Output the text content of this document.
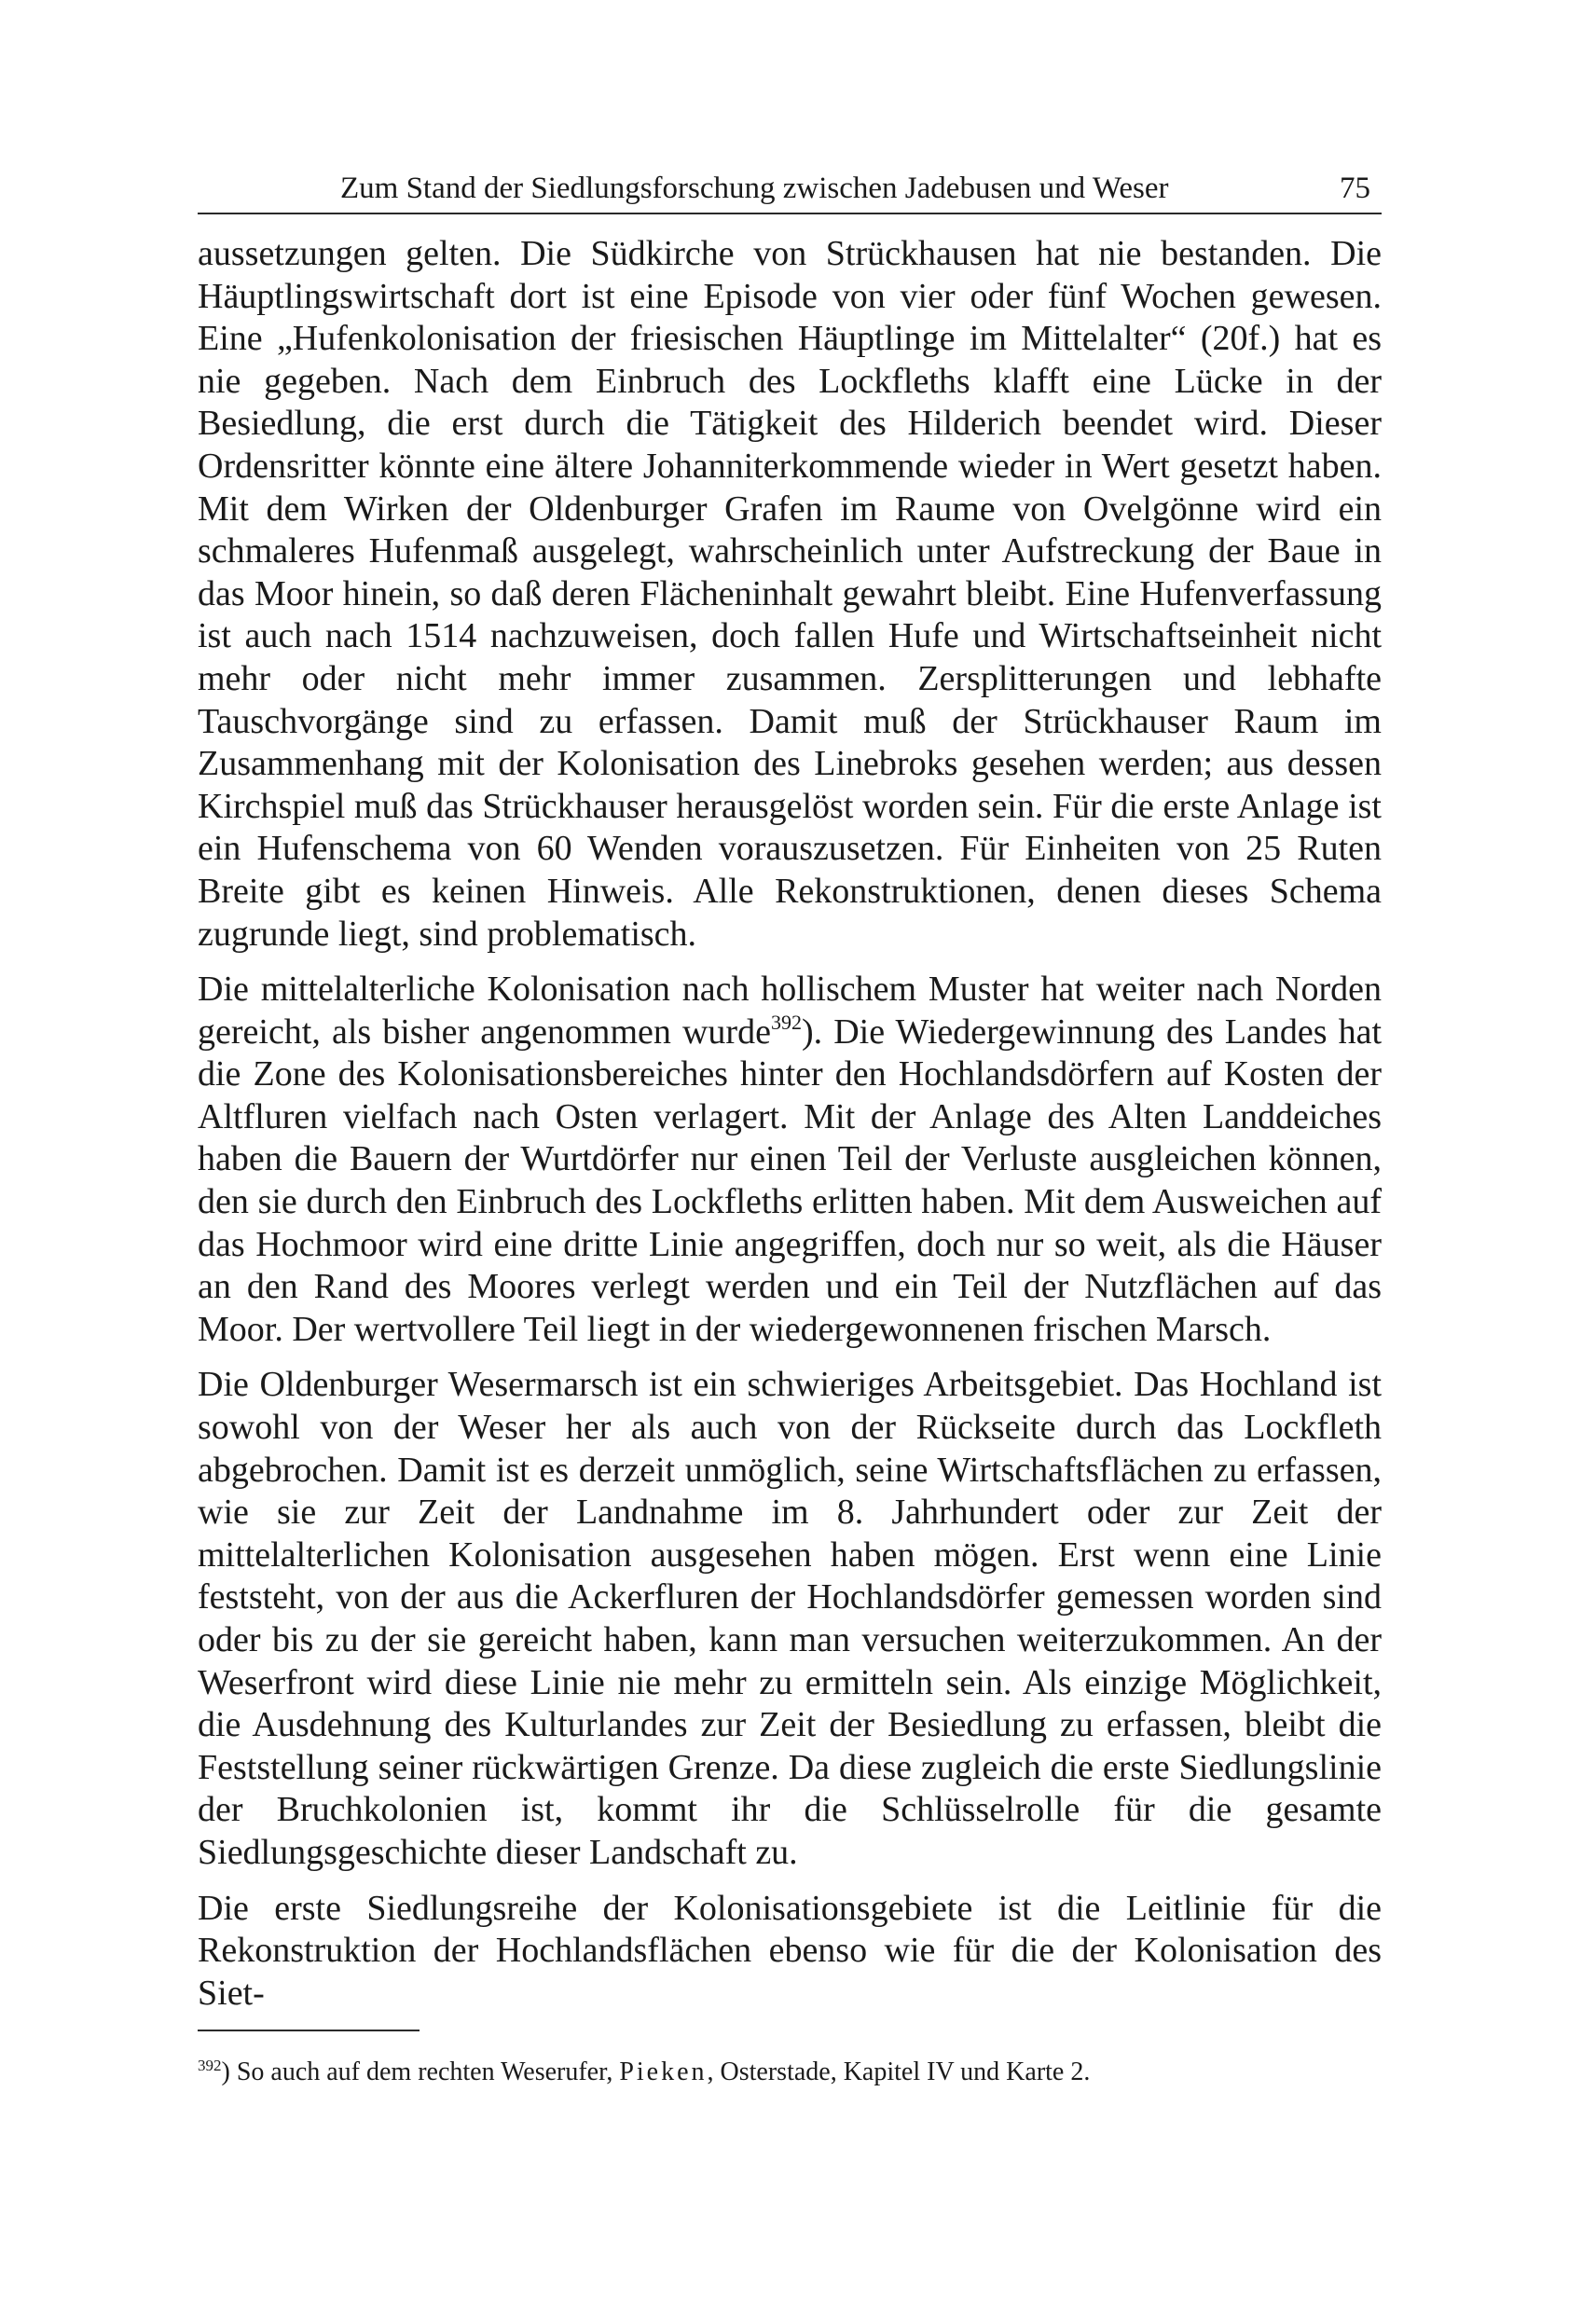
Zum Stand der Siedlungsforschung zwischen Jadebusen und Weser	75

aussetzungen gelten. Die Südkirche von Strückhausen hat nie bestanden. Die Häuptlingswirtschaft dort ist eine Episode von vier oder fünf Wochen gewesen. Eine „Hufenkolonisation der friesischen Häuptlinge im Mittelalter“ (20f.) hat es nie gegeben. Nach dem Einbruch des Lockfleths klafft eine Lücke in der Besiedlung, die erst durch die Tätigkeit des Hilderich beendet wird. Dieser Ordensritter könnte eine ältere Johanniterkommende wieder in Wert gesetzt haben. Mit dem Wirken der Oldenburger Grafen im Raume von Ovelgönne wird ein schmaleres Hufenmaß ausgelegt, wahrscheinlich unter Aufstreckung der Baue in das Moor hinein, so daß deren Flächeninhalt gewahrt bleibt. Eine Hufenverfassung ist auch nach 1514 nachzuweisen, doch fallen Hufe und Wirtschaftseinheit nicht mehr oder nicht mehr immer zusammen. Zersplitterungen und lebhafte Tauschvorgänge sind zu erfassen. Damit muß der Strückhauser Raum im Zusammenhang mit der Kolonisation des Linebroks gesehen werden; aus dessen Kirchspiel muß das Strückhauser herausgelöst worden sein. Für die erste Anlage ist ein Hufenschema von 60 Wenden vorauszusetzen. Für Einheiten von 25 Ruten Breite gibt es keinen Hinweis. Alle Rekonstruktionen, denen dieses Schema zugrunde liegt, sind problematisch.

Die mittelalterliche Kolonisation nach hollischem Muster hat weiter nach Norden gereicht, als bisher angenommen wurde$^{392}$). Die Wiedergewinnung des Landes hat die Zone des Kolonisationsbereiches hinter den Hochlandsdörfern auf Kosten der Altfluren vielfach nach Osten verlagert. Mit der Anlage des Alten Landdeiches haben die Bauern der Wurtdörfer nur einen Teil der Verluste ausgleichen können, den sie durch den Einbruch des Lockfleths erlitten haben. Mit dem Ausweichen auf das Hochmoor wird eine dritte Linie angegriffen, doch nur so weit, als die Häuser an den Rand des Moores verlegt werden und ein Teil der Nutzflächen auf das Moor. Der wertvollere Teil liegt in der wiedergewonnenen frischen Marsch.

Die Oldenburger Wesermarsch ist ein schwieriges Arbeitsgebiet. Das Hochland ist sowohl von der Weser her als auch von der Rückseite durch das Lockfleth abgebrochen. Damit ist es derzeit unmöglich, seine Wirtschaftsflächen zu erfassen, wie sie zur Zeit der Landnahme im 8. Jahrhundert oder zur Zeit der mittelalterlichen Kolonisation ausgesehen haben mögen. Erst wenn eine Linie feststeht, von der aus die Ackerfluren der Hochlandsdörfer gemessen worden sind oder bis zu der sie gereicht haben, kann man versuchen weiterzukommen. An der Weserfront wird diese Linie nie mehr zu ermitteln sein. Als einzige Möglichkeit, die Ausdehnung des Kulturlandes zur Zeit der Besiedlung zu erfassen, bleibt die Feststellung seiner rückwärtigen Grenze. Da diese zugleich die erste Siedlungslinie der Bruchkolonien ist, kommt ihr die Schlüsselrolle für die gesamte Siedlungsgeschichte dieser Landschaft zu.

Die erste Siedlungsreihe der Kolonisationsgebiete ist die Leitlinie für die Rekonstruktion der Hochlandsflächen ebenso wie für die der Kolonisation des Siet-

$^{392}$) So auch auf dem rechten Weserufer, Pieken, Osterstade, Kapitel IV und Karte 2.
